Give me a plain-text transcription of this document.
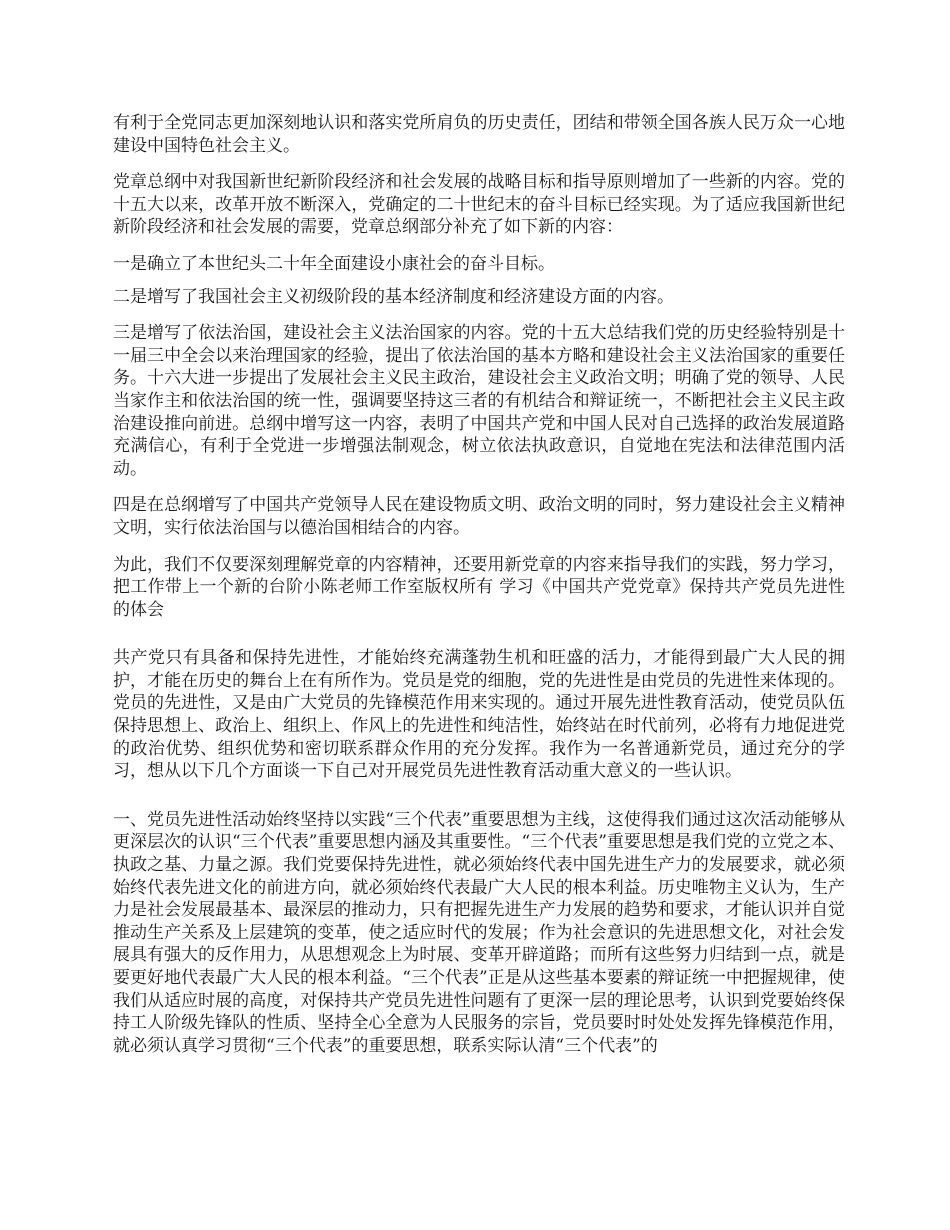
有利于全党同志更加深刻地认识和落实党所肩负的历史责任，团结和带领全国各族人民万众一心地建设中国特色社会主义。

党章总纲中对我国新世纪新阶段经济和社会发展的战略目标和指导原则增加了一些新的内容。党的十五大以来，改革开放不断深入，党确定的二十世纪末的奋斗目标已经实现。为了适应我国新世纪新阶段经济和社会发展的需要，党章总纲部分补充了如下新的内容：

一是确立了本世纪头二十年全面建设小康社会的奋斗目标。

二是增写了我国社会主义初级阶段的基本经济制度和经济建设方面的内容。

三是增写了依法治国，建设社会主义法治国家的内容。党的十五大总结我们党的历史经验特别是十一届三中全会以来治理国家的经验，提出了依法治国的基本方略和建设社会主义法治国家的重要任务。十六大进一步提出了发展社会主义民主政治，建设社会主义政治文明；明确了党的领导、人民当家作主和依法治国的统一性，强调要坚持这三者的有机结合和辩证统一，不断把社会主义民主政治建设推向前进。总纲中增写这一内容，表明了中国共产党和中国人民对自己选择的政治发展道路充满信心，有利于全党进一步增强法制观念，树立依法执政意识，自觉地在宪法和法律范围内活动。

四是在总纲增写了中国共产党领导人民在建设物质文明、政治文明的同时，努力建设社会主义精神文明，实行依法治国与以德治国相结合的内容。

为此，我们不仅要深刻理解党章的内容精神，还要用新党章的内容来指导我们的实践，努力学习，把工作带上一个新的台阶小陈老师工作室版权所有 学习《中国共产党党章》保持共产党员先进性的体会

共产党只有具备和保持先进性，才能始终充满蓬勃生机和旺盛的活力，才能得到最广大人民的拥护，才能在历史的舞台上在有所作为。党员是党的细胞，党的先进性是由党员的先进性来体现的。党员的先进性，又是由广大党员的先锋模范作用来实现的。通过开展先进性教育活动，使党员队伍保持思想上、政治上、组织上、作风上的先进性和纯洁性，始终站在时代前列，必将有力地促进党的政治优势、组织优势和密切联系群众作用的充分发挥。我作为一名普通新党员，通过充分的学习，想从以下几个方面谈一下自己对开展党员先进性教育活动重大意义的一些认识。

一、党员先进性活动始终坚持以实践“三个代表”重要思想为主线，这使得我们通过这次活动能够从更深层次的认识“三个代表”重要思想内涵及其重要性。“三个代表”重要思想是我们党的立党之本、执政之基、力量之源。我们党要保持先进性，就必须始终代表中国先进生产力的发展要求，就必须始终代表先进文化的前进方向，就必须始终代表最广大人民的根本利益。历史唯物主义认为，生产力是社会发展最基本、最深层的推动力，只有把握先进生产力发展的趋势和要求，才能认识并自觉推动生产关系及上层建筑的变革，使之适应时代的发展；作为社会意识的先进思想文化，对社会发展具有强大的反作用力，从思想观念上为时展、变革开辟道路；而所有这些努力归结到一点，就是要更好地代表最广大人民的根本利益。“三个代表”正是从这些基本要素的辩证统一中把握规律，使我们从适应时展的高度，对保持共产党员先进性问题有了更深一层的理论思考，认识到党要始终保持工人阶级先锋队的性质、坚持全心全意为人民服务的宗旨，党员要时时处处发挥先锋模范作用，就必须认真学习贯彻“三个代表”的重要思想，联系实际认清“三个代表”的
